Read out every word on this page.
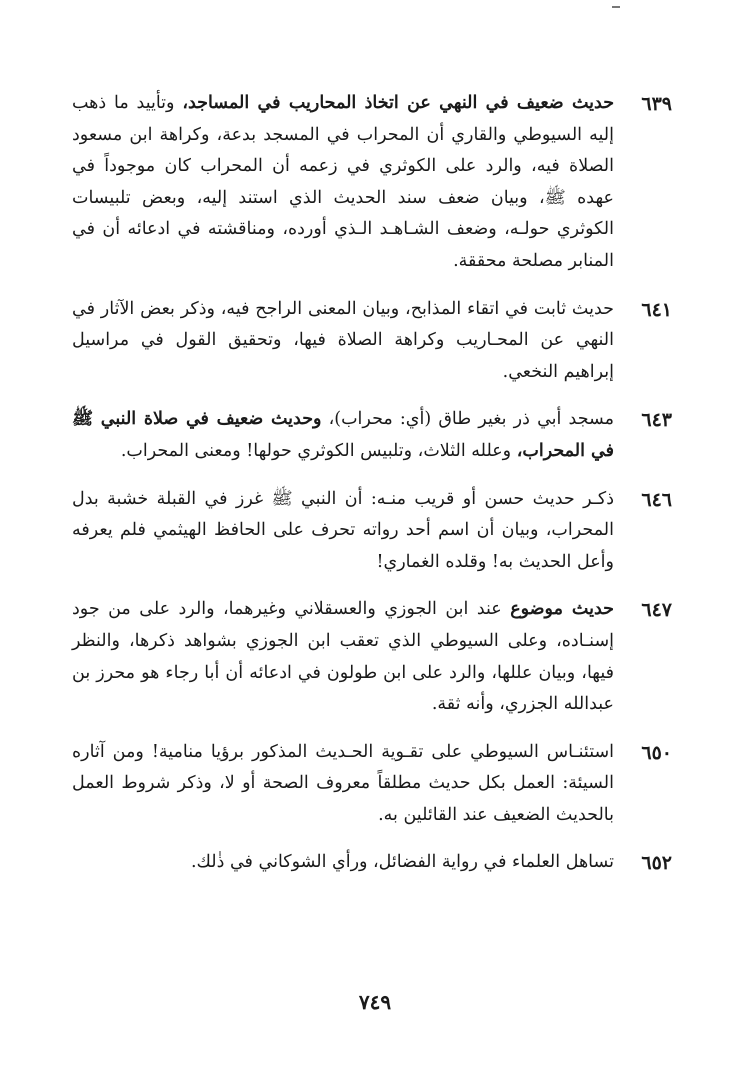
٦٣٩
حديث ضعيف في النهي عن اتخاذ المحاريب في المساجد، وتأييد ما ذهب إليه السيوطي والقاري أن المحراب في المسجد بدعة، وكراهة ابن مسعود الصلاة فيه، والرد على الكوثري في زعمه أن المحراب كان موجوداً في عهده ﷺ، وبيان ضعف سند الحديث الذي استند إليه، وبعض تلبيسات الكوثري حولـه، وضعف الشـاهـد الـذي أورده، ومناقشته في ادعائه أن في المنابر مصلحة محققة.
٦٤١
حديث ثابت في اتقاء المذابح، وبيان المعنى الراجح فيه، وذكر بعض الآثار في النهي عن المحـاريب وكراهة الصلاة فيها، وتحقيق القول في مراسيل إبراهيم النخعي.
٦٤٣
مسجد أبي ذر بغير طاق (أي: محراب)، وحديث ضعيف في صلاة النبي ﷺ في المحراب، وعلله الثلاث، وتلبيس الكوثري حولها! ومعنى المحراب.
٦٤٦
ذكـر حديث حسن أو قريب منـه: أن النبي ﷺ غرز في القبلة خشبة بدل المحراب، وبيان أن اسم أحد رواته تحرف على الحافظ الهيثمي فلم يعرفه وأعل الحديث به! وقلده الغماري!
٦٤٧
حديث موضوع عند ابن الجوزي والعسقلاني وغيرهما، والرد على من جود إسنـاده، وعلى السيوطي الذي تعقب ابن الجوزي بشواهد ذكرها، والنظر فيها، وبيان عللها، والرد على ابن طولون في ادعائه أن أبا رجاء هو محرز بن عبدالله الجزري، وأنه ثقة.
٦٥٠
استئنـاس السيوطي على تقـوية الحـديث المذكور برؤيا منامية! ومن آثاره السيئة: العمل بكل حديث مطلقاً معروف الصحة أو لا، وذكر شروط العمل بالحديث الضعيف عند القائلين به.
٦٥٢
تساهل العلماء في رواية الفضائل، ورأي الشوكاني في ذٰلك.
٧٤٩
